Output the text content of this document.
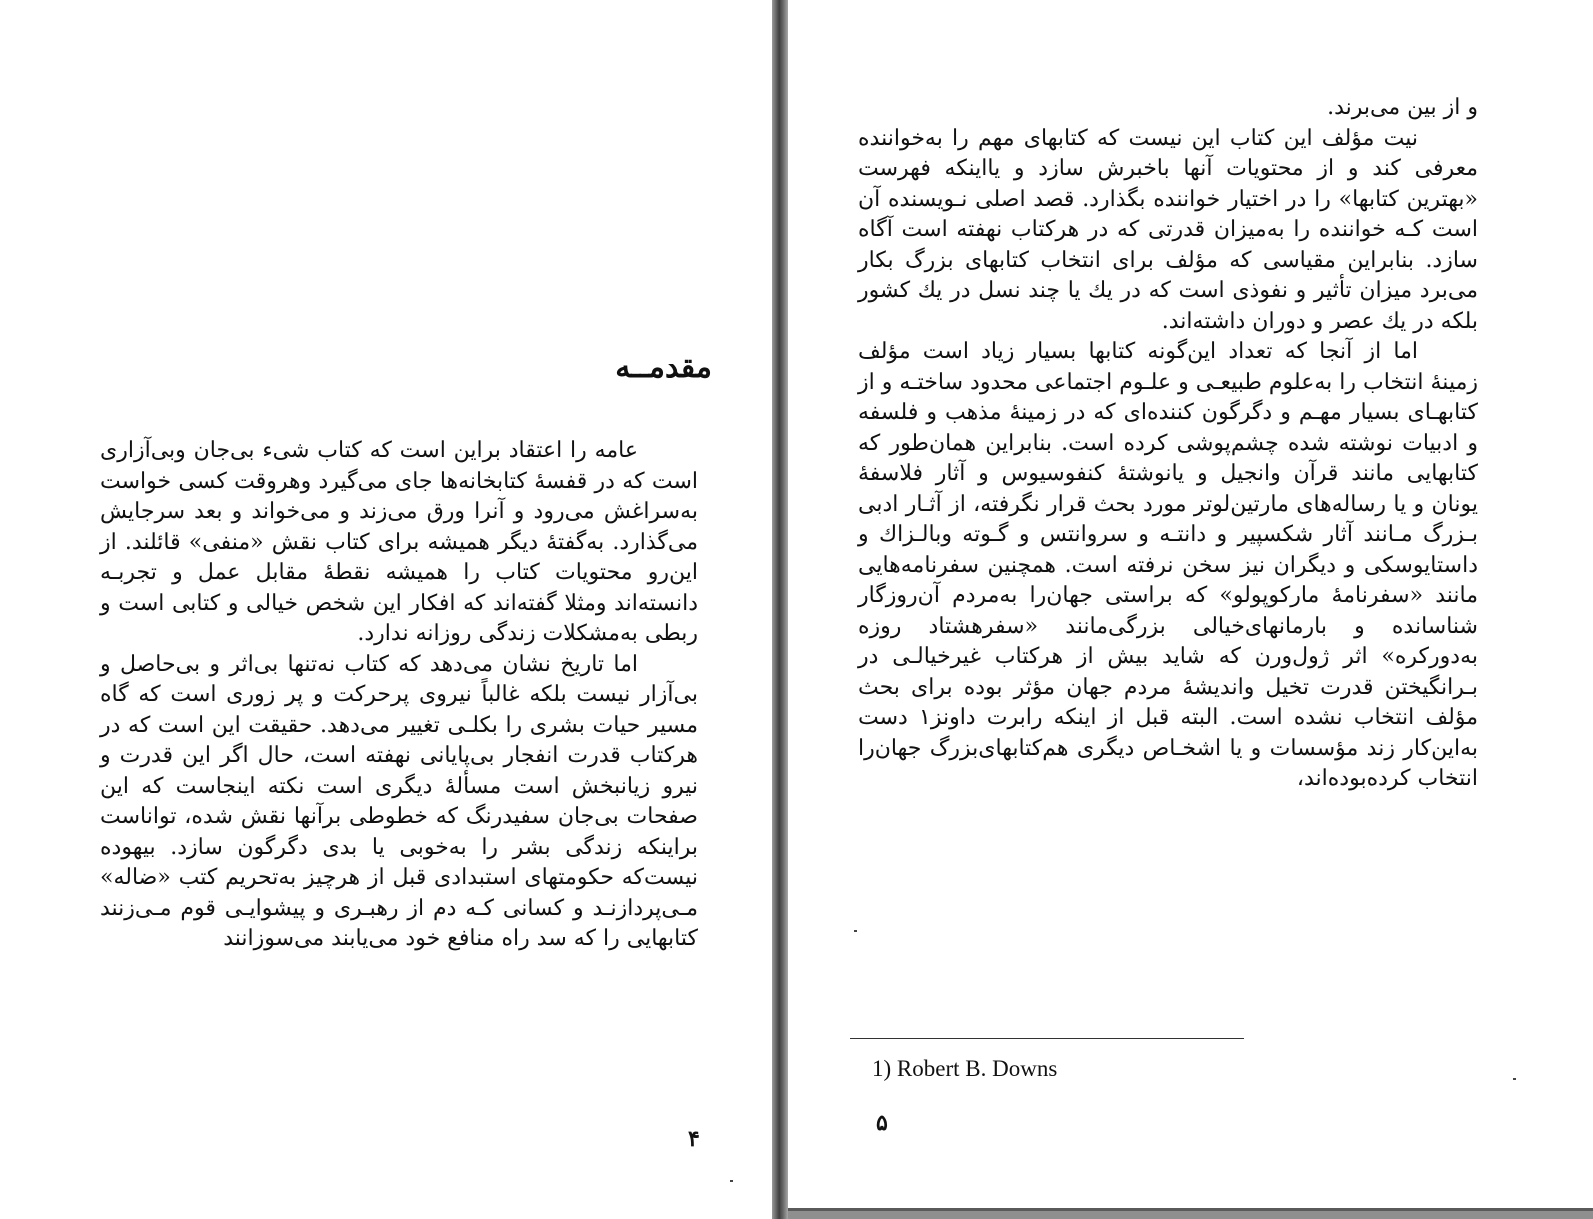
مقدمــه

عامه را اعتقاد براین است که کتاب شیء بی‌جان وبی‌آزاری است که در قفسهٔ کتابخانه‌ها جای می‌گیرد وهروقت کسی خواست به‌سراغش می‌رود و آنرا ورق می‌زند و می‌خواند و بعد سرجایش می‌گذارد. به‌گفتهٔ دیگر همیشه برای کتاب نقش «منفی» قائلند. از این‌رو محتویات کتاب را همیشه نقطهٔ مقابل عمل و تجربـه دانسته‌اند ومثلا گفته‌اند که افکار این شخص خیالی و کتابی است و ربطی به‌مشکلات زندگی روزانه ندارد.

اما تاریخ نشان می‌دهد که کتاب نه‌تنها بی‌اثر و بی‌حاصل و بی‌آزار نیست بلکه غالباً نیروی پرحرکت و پر زوری است که گاه مسیر حیات بشری را بکلـی تغییر می‌دهد. حقیقت این است که در هرکتاب قدرت انفجار بی‌پایانی نهفته است، حال اگر این قدرت و نیرو زیانبخش است مسألهٔ دیگری است نکته اینجاست که این صفحات بی‌جان سفیدرنگ که خطوطی برآنها نقش شده، تواناست براینکه زندگی بشر را به‌خوبی یا بدی دگرگون سازد. بیهوده نیست‌که حکومتهای استبدادی قبل از هرچیز به‌تحریم کتب «ضاله» مـی‌پردازنـد و کسانی کـه دم از رهبـری و پیشوایـی قوم مـی‌زنند کتابهایی را که سد راه منافع خود می‌یابند می‌سوزانند

۴

و از بین می‌برند.

نیت مؤلف این کتاب این نیست که کتابهای مهم را به‌خواننده معرفی کند و از محتویات آنها باخبرش سازد و یااینکه فهرست «بهترین کتابها» را در اختیار خواننده بگذارد. قصد اصلی نـویسنده آن است کـه خواننده را به‌میزان قدرتی که در هرکتاب نهفته است آگاه سازد. بنابراین مقیاسی که مؤلف برای انتخاب کتابهای بزرگ بکار می‌برد میزان تأثیر و نفوذی است که در یك یا چند نسل در یك کشور بلکه در یك عصر و دوران داشته‌اند.

اما از آنجا که تعداد این‌گونه کتابها بسیار زیاد است مؤلف زمینهٔ انتخاب را به‌علوم طبیعـی و علـوم اجتماعی محدود ساختـه و از کتابهـای بسیار مهـم و دگرگون کننده‌ای که در زمینهٔ مذهب و فلسفه و ادبیات نوشته شده چشم‌پوشی کرده است. بنابراین همان‌طور که کتابهایی مانند قرآن وانجیل و یانوشتهٔ کنفوسیوس و آثار فلاسفهٔ یونان و یا رساله‌های مارتین‌لوتر مورد بحث قرار نگرفته، از آثـار ادبی بـزرگ مـانند آثار شکسپیر و دانتـه و سروانتس و گـوته وبالـزاك و داستایوسکی و دیگران نیز سخن نرفته است. همچنین سفرنامه‌هایی مانند «سفرنامهٔ مارکوپولو» که براستی جهان‌را به‌مردم آن‌روزگار شناسانده و بارمانهای‌خیالی بزرگی‌مانند «سفرهشتاد روزه به‌دورکره» اثر ژول‌ورن که شاید بیش از هرکتاب غیرخیالـی در بـرانگیختن قدرت تخیل واندیشهٔ مردم جهان مؤثر بوده برای بحث مؤلف انتخاب نشده است. البته قبل از اینکه رابرت داونز۱ دست به‌این‌کار زند مؤسسات و یا اشخـاص دیگری هم‌کتابهای‌بزرگ جهان‌را انتخاب کرده‌بوده‌اند،

1) Robert B. Downs
۵
